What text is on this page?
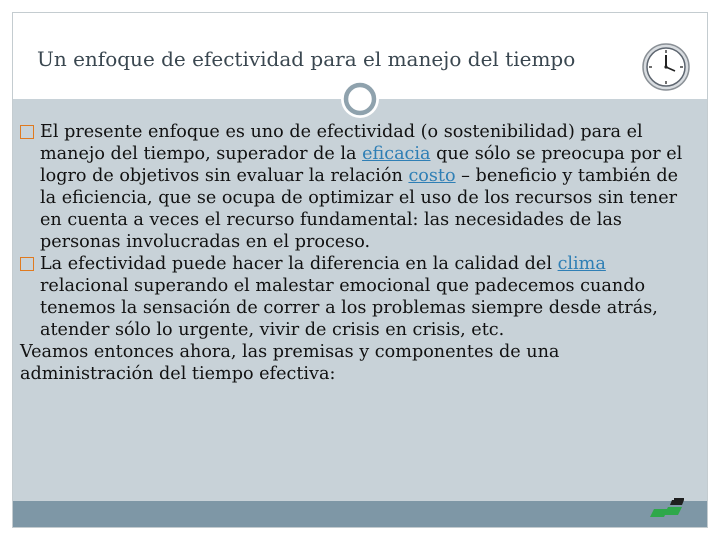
Un enfoque de efectividad para el manejo del tiempo

El presente enfoque es uno de efectividad (o sostenibilidad) para el manejo del tiempo, superador de la eficacia que sólo se preocupa por el logro de objetivos sin evaluar la relación costo – beneficio y también de la eficiencia, que se ocupa de optimizar el uso de los recursos sin tener en cuenta a veces el recurso fundamental: las necesidades de las personas involucradas en el proceso.

La efectividad puede hacer la diferencia en la calidad del clima relacional superando el malestar emocional que padecemos cuando tenemos la sensación de correr a los problemas siempre desde atrás, atender sólo lo urgente, vivir de crisis en crisis, etc.

Veamos entonces ahora, las premisas y componentes de una administración del tiempo efectiva:
